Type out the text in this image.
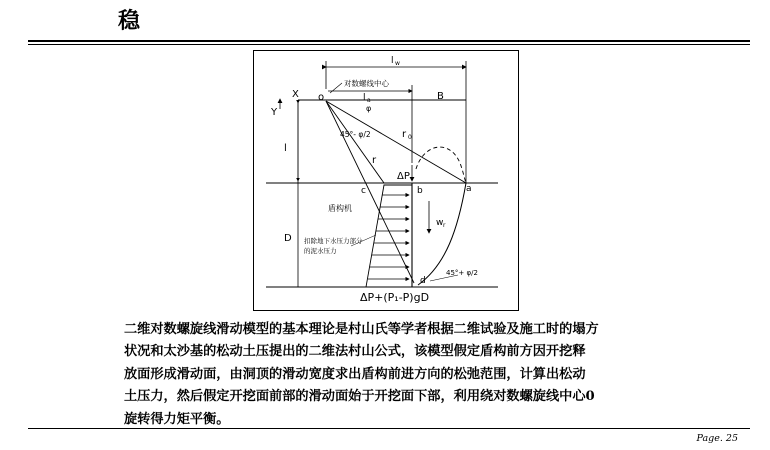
稳
l w
对数螺线中心
X
Y
o	l a	B
l
D
φ
45°- φ/2	r 0
r
c
ΔP
b	a
w r
盾构机
扣除地下水压力部分
的泥水压力
d
45°+ φ/2
ΔP+(P₁-P)gD
二维对数螺旋线滑动模型的基本理论是村山氏等学者根据二维试验及施工时的塌方
状况和太沙基的松动土压提出的二维法村山公式，该模型假定盾构前方因开挖释
放面形成滑动面，由洞顶的滑动宽度求出盾构前进方向的松弛范围，计算出松动
土压力，然后假定开挖面前部的滑动面始于开挖面下部，利用绕对数螺旋线中心0
旋转得力矩平衡。
Page. 25
